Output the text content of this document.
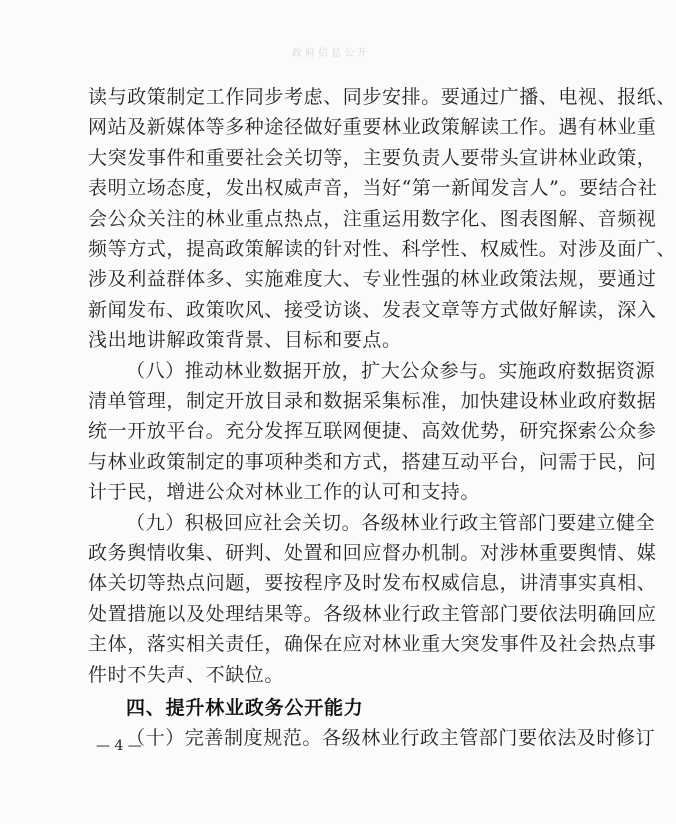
政府信息公开
读与政策制定工作同步考虑、同步安排。要通过广播、电视、报纸、
网站及新媒体等多种途径做好重要林业政策解读工作。遇有林业重
大突发事件和重要社会关切等，主要负责人要带头宣讲林业政策，
表明立场态度，发出权威声音，当好“第一新闻发言人”。要结合社
会公众关注的林业重点热点，注重运用数字化、图表图解、音频视
频等方式，提高政策解读的针对性、科学性、权威性。对涉及面广、
涉及利益群体多、实施难度大、专业性强的林业政策法规，要通过
新闻发布、政策吹风、接受访谈、发表文章等方式做好解读，深入
浅出地讲解政策背景、目标和要点。
（八）推动林业数据开放，扩大公众参与。实施政府数据资源
清单管理，制定开放目录和数据采集标准，加快建设林业政府数据
统一开放平台。充分发挥互联网便捷、高效优势，研究探索公众参
与林业政策制定的事项种类和方式，搭建互动平台，问需于民，问
计于民，增进公众对林业工作的认可和支持。
（九）积极回应社会关切。各级林业行政主管部门要建立健全
政务舆情收集、研判、处置和回应督办机制。对涉林重要舆情、媒
体关切等热点问题，要按程序及时发布权威信息，讲清事实真相、
处置措施以及处理结果等。各级林业行政主管部门要依法明确回应
主体，落实相关责任，确保在应对林业重大突发事件及社会热点事
件时不失声、不缺位。
四、提升林业政务公开能力
（十）完善制度规范。各级林业行政主管部门要依法及时修订
— 4 —
